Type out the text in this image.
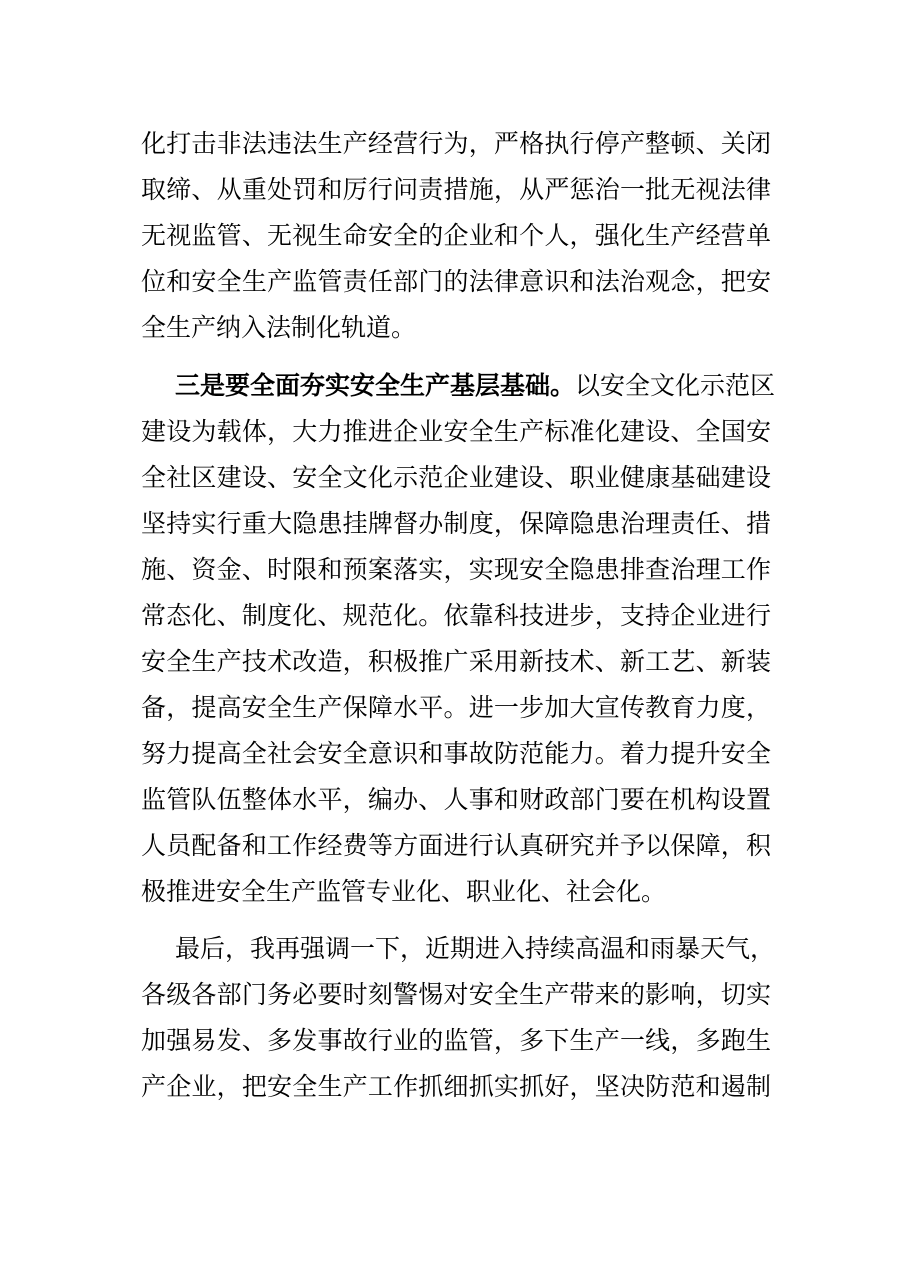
化打击非法违法生产经营行为，严格执行停产整顿、关闭
取缔、从重处罚和厉行问责措施，从严惩治一批无视法律
无视监管、无视生命安全的企业和个人，强化生产经营单
位和安全生产监管责任部门的法律意识和法治观念，把安
全生产纳入法制化轨道。
三是要全面夯实安全生产基层基础。以安全文化示范区
建设为载体，大力推进企业安全生产标准化建设、全国安
全社区建设、安全文化示范企业建设、职业健康基础建设
坚持实行重大隐患挂牌督办制度，保障隐患治理责任、措
施、资金、时限和预案落实，实现安全隐患排查治理工作
常态化、制度化、规范化。依靠科技进步，支持企业进行
安全生产技术改造，积极推广采用新技术、新工艺、新装
备，提高安全生产保障水平。进一步加大宣传教育力度，
努力提高全社会安全意识和事故防范能力。着力提升安全
监管队伍整体水平，编办、人事和财政部门要在机构设置
人员配备和工作经费等方面进行认真研究并予以保障，积
极推进安全生产监管专业化、职业化、社会化。
最后，我再强调一下，近期进入持续高温和雨暴天气，
各级各部门务必要时刻警惕对安全生产带来的影响，切实
加强易发、多发事故行业的监管，多下生产一线，多跑生
产企业，把安全生产工作抓细抓实抓好，坚决防范和遏制
